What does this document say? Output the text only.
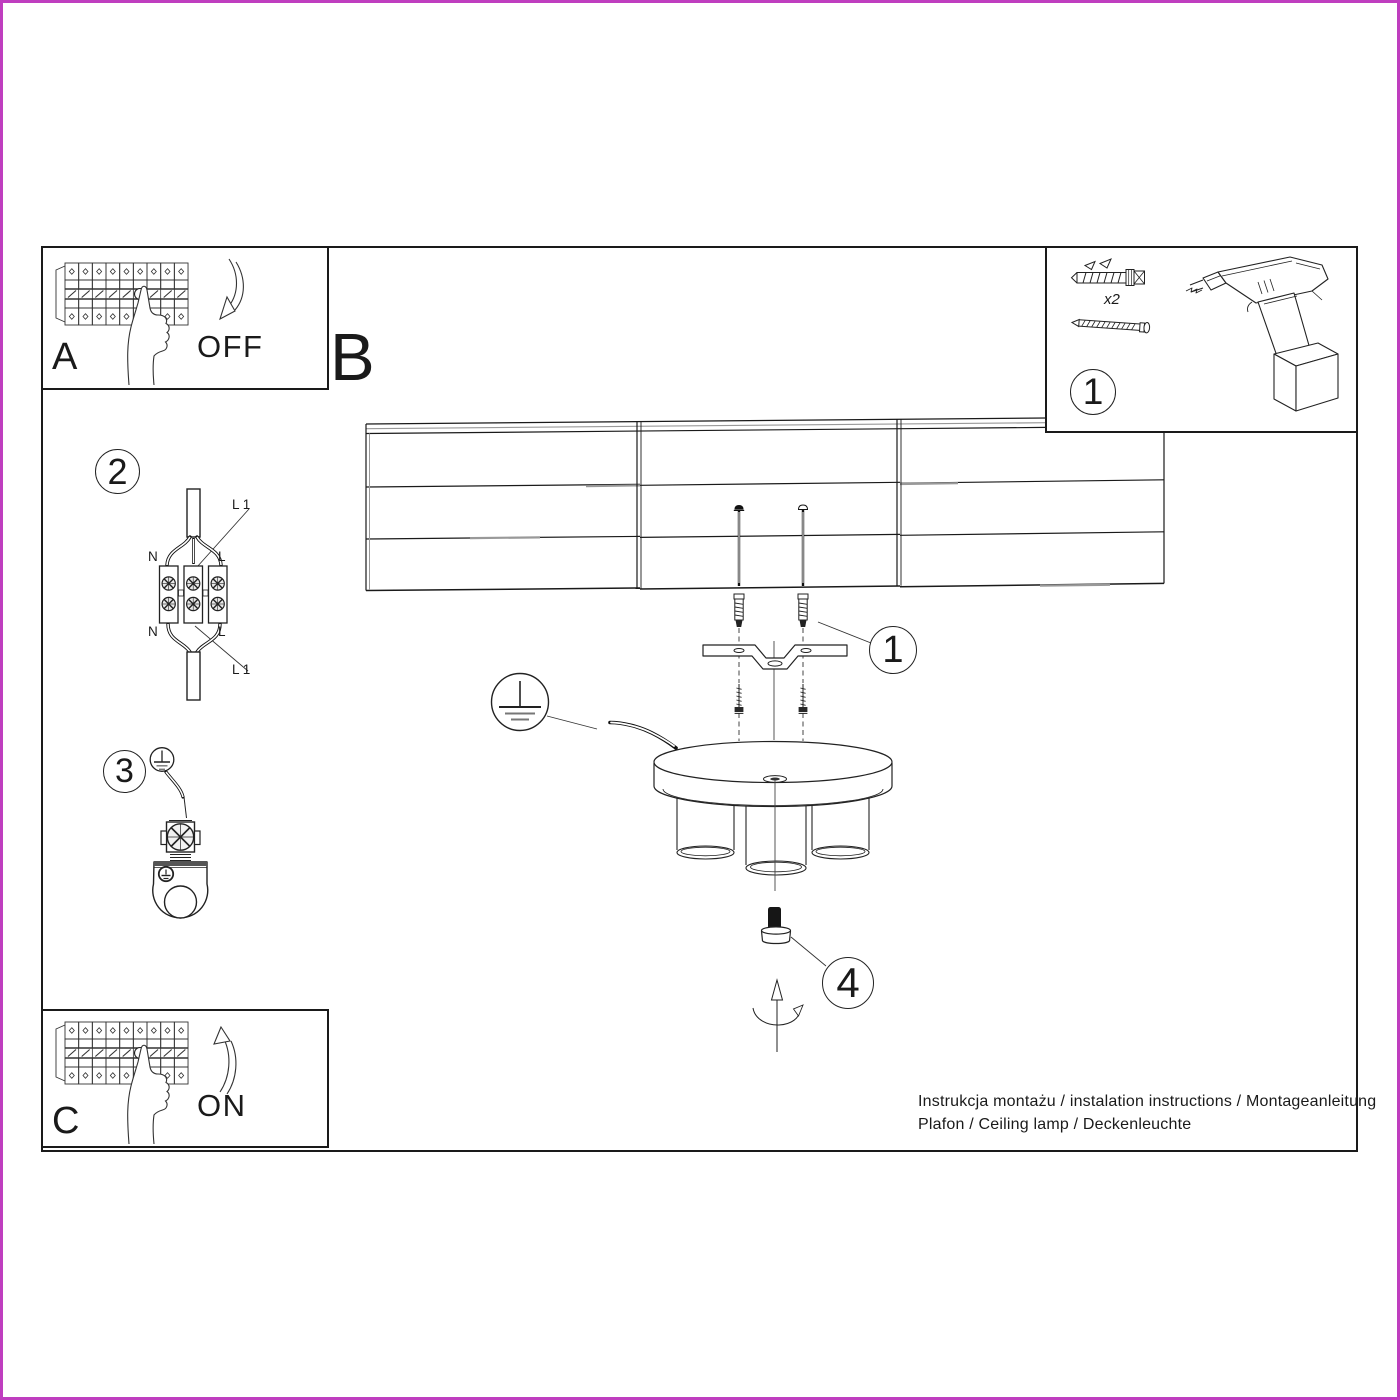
A	OFF B
C	ON
x2
1
2
3
1
4
L 1
N	L
N	L
L 1
Instrukcja montażu / instalation instructions / Montageanleitung
Plafon / Ceiling lamp / Deckenleuchte
